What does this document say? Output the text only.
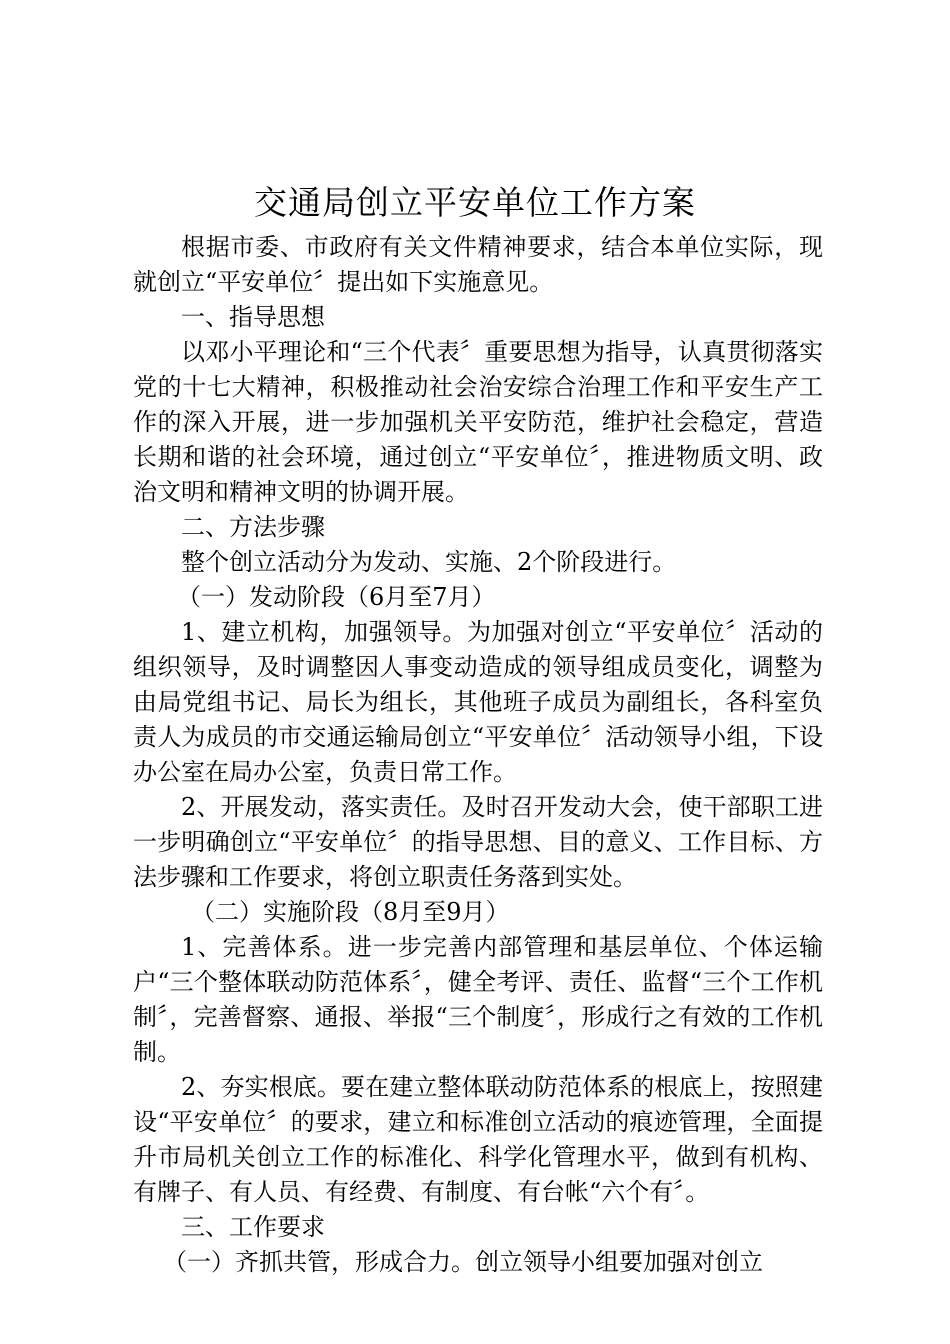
交通局创立平安单位工作方案

根据市委、市政府有关文件精神要求，结合本单位实际，现就创立“平安单位〞提出如下实施意见。

一、指导思想

以邓小平理论和“三个代表〞重要思想为指导，认真贯彻落实党的十七大精神，积极推动社会治安综合治理工作和平安生产工作的深入开展，进一步加强机关平安防范，维护社会稳定，营造长期和谐的社会环境，通过创立“平安单位〞，推进物质文明、政治文明和精神文明的协调开展。

二、方法步骤

整个创立活动分为发动、实施、2个阶段进行。

（一）发动阶段（6月至7月）

1、建立机构，加强领导。为加强对创立“平安单位〞活动的组织领导，及时调整因人事变动造成的领导组成员变化，调整为由局党组书记、局长为组长，其他班子成员为副组长，各科室负责人为成员的市交通运输局创立“平安单位〞活动领导小组，下设办公室在局办公室，负责日常工作。

2、开展发动，落实责任。及时召开发动大会，使干部职工进一步明确创立“平安单位〞的指导思想、目的意义、工作目标、方法步骤和工作要求，将创立职责任务落到实处。

（二）实施阶段（8月至9月）

1、完善体系。进一步完善内部管理和基层单位、个体运输户“三个整体联动防范体系〞，健全考评、责任、监督“三个工作机制〞，完善督察、通报、举报“三个制度〞，形成行之有效的工作机制。

2、夯实根底。要在建立整体联动防范体系的根底上，按照建设“平安单位〞的要求，建立和标准创立活动的痕迹管理，全面提升市局机关创立工作的标准化、科学化管理水平，做到有机构、有牌子、有人员、有经费、有制度、有台帐“六个有〞。

三、工作要求

（一）齐抓共管，形成合力。创立领导小组要加强对创立
